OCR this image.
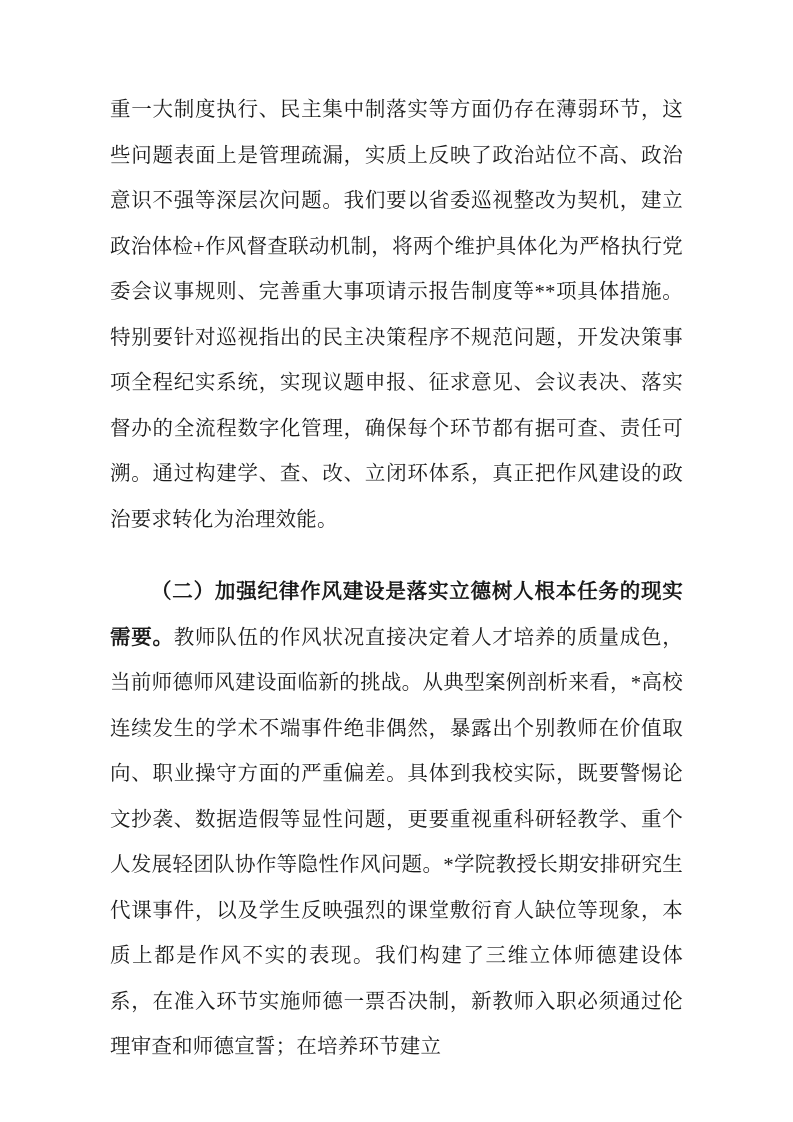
重一大制度执行、民主集中制落实等方面仍存在薄弱环节，这些问题表面上是管理疏漏，实质上反映了政治站位不高、政治意识不强等深层次问题。我们要以省委巡视整改为契机，建立政治体检+作风督查联动机制，将两个维护具体化为严格执行党委会议事规则、完善重大事项请示报告制度等**项具体措施。特别要针对巡视指出的民主决策程序不规范问题，开发决策事项全程纪实系统，实现议题申报、征求意见、会议表决、落实督办的全流程数字化管理，确保每个环节都有据可查、责任可溯。通过构建学、查、改、立闭环体系，真正把作风建设的政治要求转化为治理效能。

（二）加强纪律作风建设是落实立德树人根本任务的现实需要。教师队伍的作风状况直接决定着人才培养的质量成色，当前师德师风建设面临新的挑战。从典型案例剖析来看，*高校连续发生的学术不端事件绝非偶然，暴露出个别教师在价值取向、职业操守方面的严重偏差。具体到我校实际，既要警惕论文抄袭、数据造假等显性问题，更要重视重科研轻教学、重个人发展轻团队协作等隐性作风问题。*学院教授长期安排研究生代课事件，以及学生反映强烈的课堂敷衍育人缺位等现象，本质上都是作风不实的表现。我们构建了三维立体师德建设体系，在准入环节实施师德一票否决制，新教师入职必须通过伦理审查和师德宣誓；在培养环节建立
